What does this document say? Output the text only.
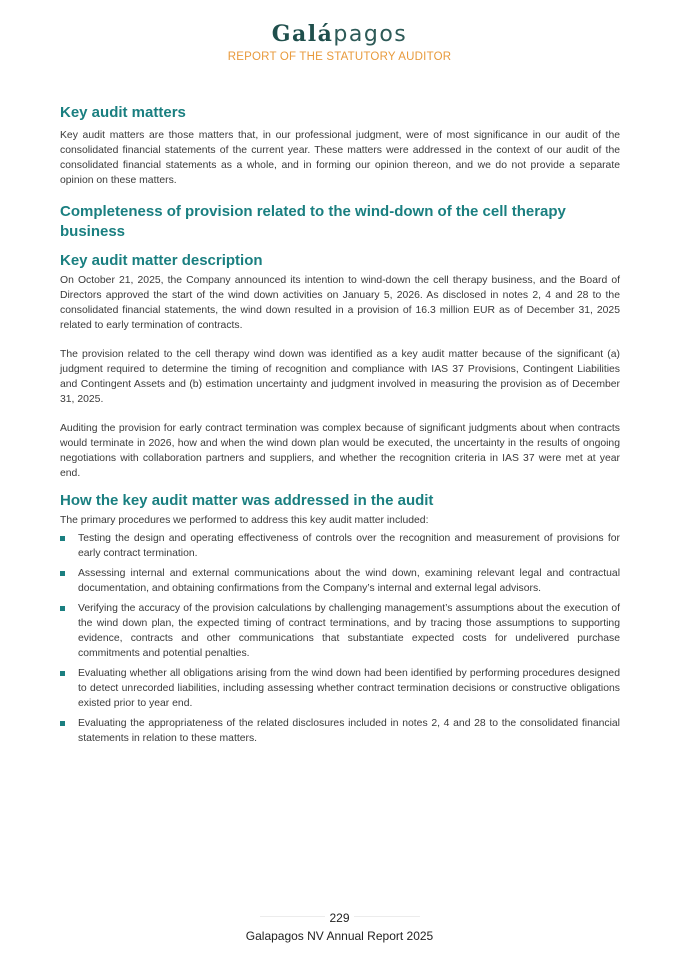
Galápagos
REPORT OF THE STATUTORY AUDITOR
Key audit matters

Key audit matters are those matters that, in our professional judgment, were of most significance in our audit of the consolidated financial statements of the current year. These matters were addressed in the context of our audit of the consolidated financial statements as a whole, and in forming our opinion thereon, and we do not provide a separate opinion on these matters.

Completeness of provision related to the wind-down of the cell therapy business
Key audit matter description

On October 21, 2025, the Company announced its intention to wind-down the cell therapy business, and the Board of Directors approved the start of the wind down activities on January 5, 2026. As disclosed in notes 2, 4 and 28 to the consolidated financial statements, the wind down resulted in a provision of 16.3 million EUR as of December 31, 2025 related to early termination of contracts.

The provision related to the cell therapy wind down was identified as a key audit matter because of the significant (a) judgment required to determine the timing of recognition and compliance with IAS 37 Provisions, Contingent Liabilities and Contingent Assets and (b) estimation uncertainty and judgment involved in measuring the provision as of December 31, 2025.

Auditing the provision for early contract termination was complex because of significant judgments about when contracts would terminate in 2026, how and when the wind down plan would be executed, the uncertainty in the results of ongoing negotiations with collaboration partners and suppliers, and whether the recognition criteria in IAS 37 were met at year end.

How the key audit matter was addressed in the audit

The primary procedures we performed to address this key audit matter included:

Testing the design and operating effectiveness of controls over the recognition and measurement of provisions for early contract termination.
Assessing internal and external communications about the wind down, examining relevant legal and contractual documentation, and obtaining confirmations from the Company’s internal and external legal advisors.
Verifying the accuracy of the provision calculations by challenging management’s assumptions about the execution of the wind down plan, the expected timing of contract terminations, and by tracing those assumptions to supporting evidence, contracts and other communications that substantiate expected costs for undelivered purchase commitments and potential penalties.
Evaluating whether all obligations arising from the wind down had been identified by performing procedures designed to detect unrecorded liabilities, including assessing whether contract termination decisions or constructive obligations existed prior to year end.
Evaluating the appropriateness of the related disclosures included in notes 2, 4 and 28 to the consolidated financial statements in relation to these matters.
229
Galapagos NV Annual Report 2025
